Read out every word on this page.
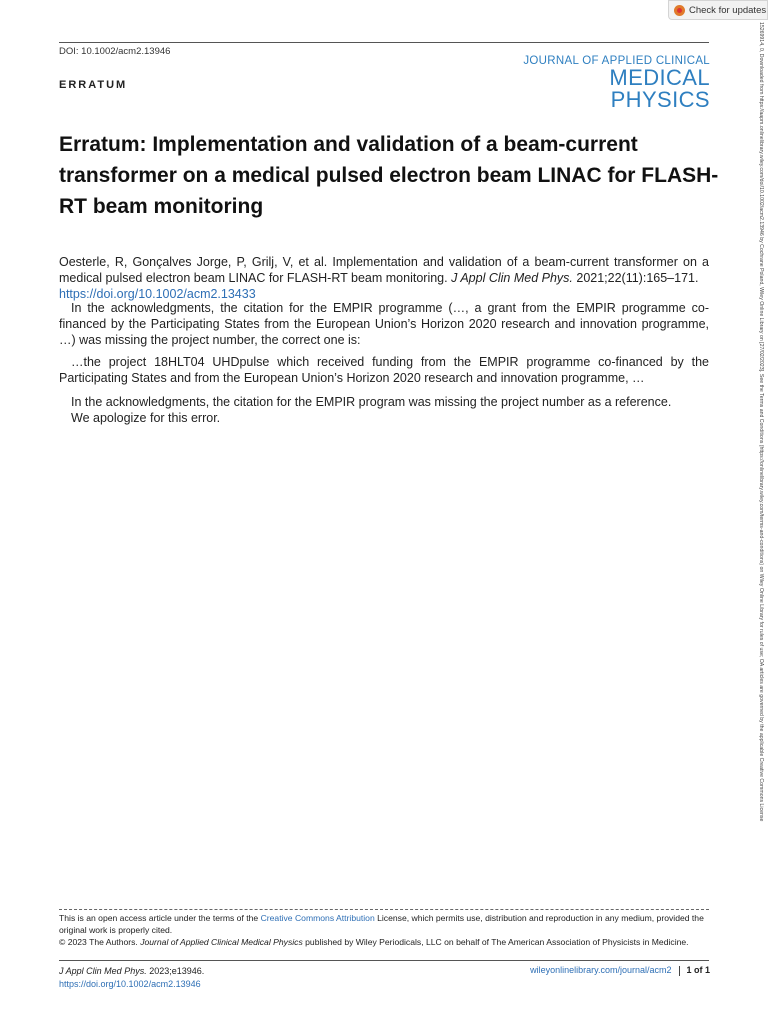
Check for updates
DOI: 10.1002/acm2.13946
ERRATUM
JOURNAL OF APPLIED CLINICAL
MEDICAL PHYSICS
Erratum: Implementation and validation of a beam-current transformer on a medical pulsed electron beam LINAC for FLASH-RT beam monitoring
Oesterle, R, Gonçalves Jorge, P, Grilj, V, et al. Implementation and validation of a beam-current transformer on a medical pulsed electron beam LINAC for FLASH-RT beam monitoring. J Appl Clin Med Phys. 2021;22(11):165–171.
https://doi.org/10.1002/acm2.13433
In the acknowledgments, the citation for the EMPIR programme (…, a grant from the EMPIR programme co-financed by the Participating States from the European Union’s Horizon 2020 research and innovation programme, …) was missing the project number, the correct one is:
…the project 18HLT04 UHDpulse which received funding from the EMPIR programme co-financed by the Participating States and from the European Union’s Horizon 2020 research and innovation programme, …
In the acknowledgments, the citation for the EMPIR program was missing the project number as a reference.
We apologize for this error.
This is an open access article under the terms of the Creative Commons Attribution License, which permits use, distribution and reproduction in any medium, provided the original work is properly cited.
© 2023 The Authors. Journal of Applied Clinical Medical Physics published by Wiley Periodicals, LLC on behalf of The American Association of Physicists in Medicine.
J Appl Clin Med Phys. 2023;e13946.
https://doi.org/10.1002/acm2.13946
wileyonlinelibrary.com/journal/acm2 1 of 1
15269914, 0, Downloaded from https://aapm.onlinelibrary.wiley.com/doi/10.1002/acm2.13946 by Cochrane Poland, Wiley Online Library on [27/02/2023]. See the Terms and Conditions (https://onlinelibrary.wiley.com/terms-and-conditions) on Wiley Online Library for rules of use; OA articles are governed by the applicable Creative Commons License
